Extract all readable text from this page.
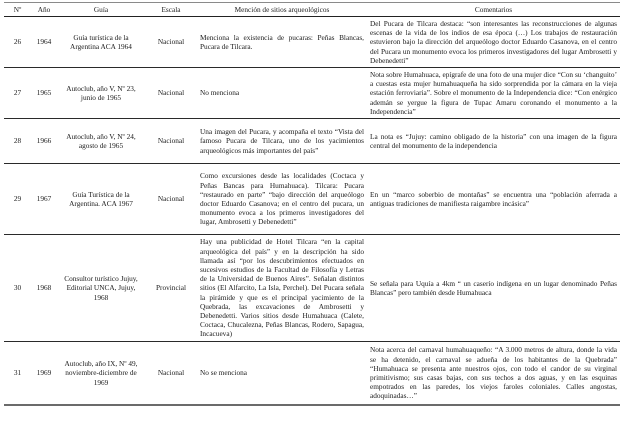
Nº	Año	Guía	Escala	Mención de sitios arqueológicos	Comentarios
26	1964	Guía turística de la Argentina ACA 1964	Nacional	Menciona la existencia de pucaras: Peñas Blancas, Pucara de Tilcara.	Del Pucara de Tilcara destaca: “son interesantes las reconstrucciones de algunas escenas de la vida de los indios de esa época (…) Los trabajos de restauración estuvieron bajo la dirección del arqueólogo doctor Eduardo Casanova, en el centro del Pucara un monumento evoca los primeros investigadores del lugar Ambrosetti y Debenedetti”
27	1965	Autoclub, año V, Nº 23, junio de 1965	Nacional	No menciona	Nota sobre Humahuaca, epígrafe de una foto de una mujer dice “Con su ‘changuito’ a cuestas esta mujer humahuaqueña ha sido sorprendida por la cámara en la vieja estación ferroviaria”. Sobre el monumento de la Independencia dice: “Con enérgico ademán se yergue la figura de Tupac Amaru coronando el monumento a la Independencia”
28	1966	Autoclub, año V, Nº 24, agosto de 1965	Nacional	Una imagen del Pucara, y acompaña el texto “Vista del famoso Pucara de Tilcara, uno de los yacimientos arqueológicos más importantes del país”	La nota es “Jujuy: camino obligado de la historia” con una imagen de la figura central del monumento de la independencia
29	1967	Guía Turística de la Argentina. ACA 1967	Nacional	Como excursiones desde las localidades (Coctaca y Peñas Bancas para Humahuaca). Tilcara: Pucara “restaurado en parte” “bajo dirección del arqueólogo doctor Eduardo Casanova; en el centro del pucara, un monumento evoca a los primeros investigadores del lugar, Ambrosetti y Debenedetti”	En un “marco soberbio de montañas” se encuentra una “población aferrada a antiguas tradiciones de manifiesta raigambre incásica”
30	1968	Consultor turístico Jujuy, Editorial UNCA, Jujuy, 1968	Provincial	Hay una publicidad de Hotel Tilcara “en la capital arqueológica del país” y en la descripción ha sido llamada así “por los descubrimientos efectuados en sucesivos estudios de la Facultad de Filosofía y Letras de la Universidad de Buenos Aires”. Señalan distintos sitios (El Alfarcito, La Isla, Perchel). Del Pucara señala la pirámide y que es el principal yacimiento de la Quebrada, las excavaciones de Ambrosetti y Debenedetti. Varios sitios desde Humahuaca (Calete, Coctaca, Chucalezna, Peñas Blancas, Rodero, Sapagua, Incacueva)	Se señala para Uquía a 4km “ un caserío indígena en un lugar denominado Peñas Blancas” pero también desde Humahuaca
31	1969	Autoclub, año IX, Nº 49, noviembre-diciembre de 1969	Nacional	No se menciona	Nota acerca del carnaval humahuaqueño: “A 3.000 metros de altura, donde la vida se ha detenido, el carnaval se adueña de los habitantes de la Quebrada” “Humahuaca se presenta ante nuestros ojos, con todo el candor de su virginal primitivismo; sus casas bajas, con sus techos a dos aguas, y en las esquinas empotrados en las paredes, los viejos faroles coloniales. Calles angostas, adoquinadas…”
